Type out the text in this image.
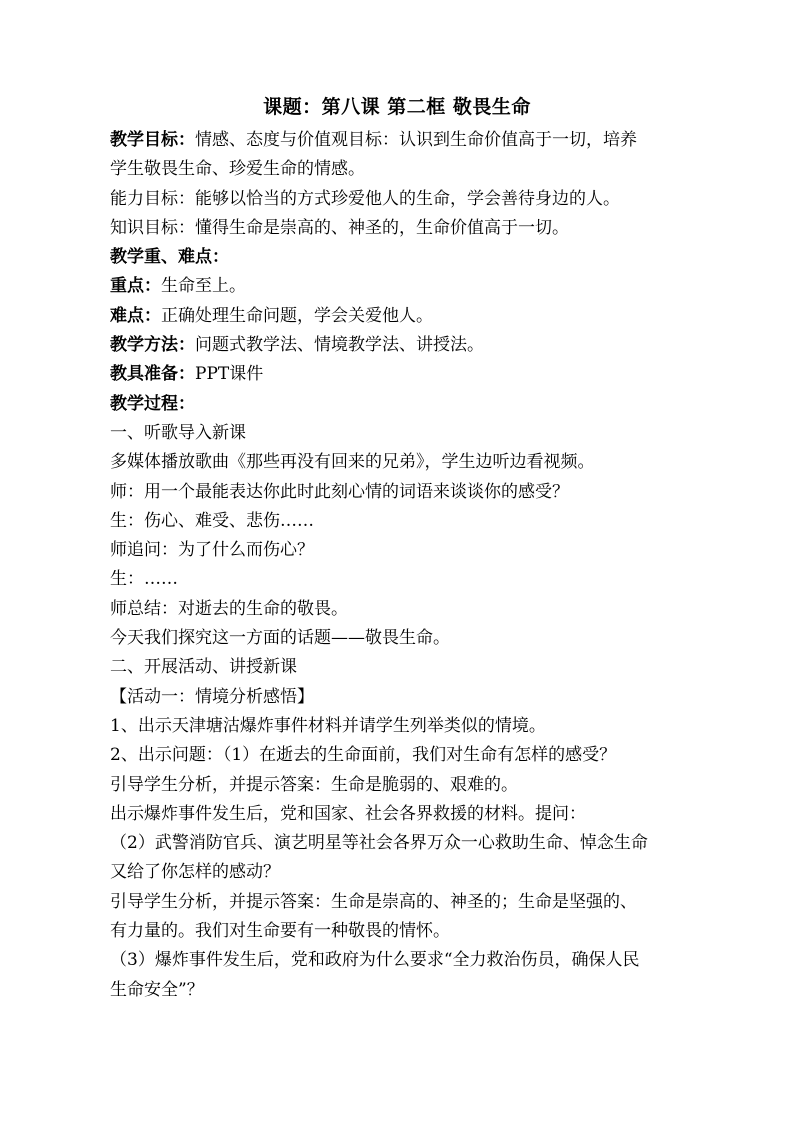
课题：第八课 第二框 敬畏生命
教学目标：情感、态度与价值观目标：认识到生命价值高于一切，培养
学生敬畏生命、珍爱生命的情感。
能力目标：能够以恰当的方式珍爱他人的生命，学会善待身边的人。
知识目标：懂得生命是崇高的、神圣的，生命价值高于一切。
教学重、难点：
重点：生命至上。
难点：正确处理生命问题，学会关爱他人。
教学方法：问题式教学法、情境教学法、讲授法。
教具准备：PPT课件
教学过程：
一、听歌导入新课
多媒体播放歌曲《那些再没有回来的兄弟》，学生边听边看视频。
师：用一个最能表达你此时此刻心情的词语来谈谈你的感受？
生：伤心、难受、悲伤……
师追问：为了什么而伤心？
生：……
师总结：对逝去的生命的敬畏。
今天我们探究这一方面的话题——敬畏生命。
二、开展活动、讲授新课
【活动一：情境分析感悟】
1、出示天津塘沽爆炸事件材料并请学生列举类似的情境。
2、出示问题：（1）在逝去的生命面前，我们对生命有怎样的感受？
引导学生分析，并提示答案：生命是脆弱的、艰难的。
出示爆炸事件发生后，党和国家、社会各界救援的材料。提问：
（2）武警消防官兵、演艺明星等社会各界万众一心救助生命、悼念生命
又给了你怎样的感动？
引导学生分析，并提示答案：生命是崇高的、神圣的；生命是坚强的、
有力量的。我们对生命要有一种敬畏的情怀。
（3）爆炸事件发生后，党和政府为什么要求“全力救治伤员，确保人民
生命安全”？
